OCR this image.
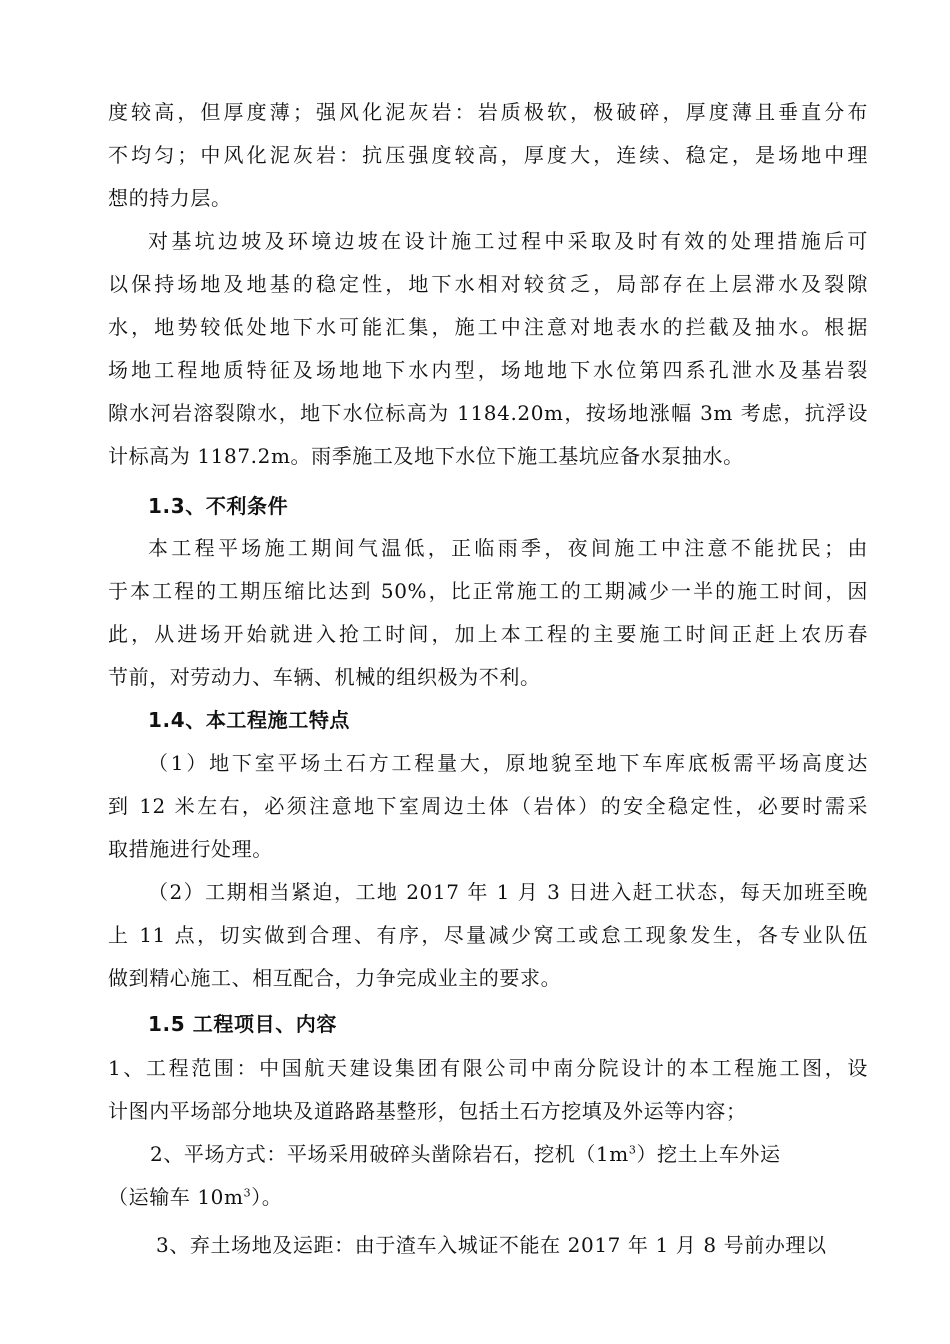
度较高，但厚度薄；强风化泥灰岩：岩质极软，极破碎，厚度薄且垂直分布
不均匀；中风化泥灰岩：抗压强度较高，厚度大，连续、稳定，是场地中理
想的持力层。
对基坑边坡及环境边坡在设计施工过程中采取及时有效的处理措施后可
以保持场地及地基的稳定性，地下水相对较贫乏，局部存在上层滞水及裂隙
水，地势较低处地下水可能汇集，施工中注意对地表水的拦截及抽水。根据
场地工程地质特征及场地地下水内型，场地地下水位第四系孔泄水及基岩裂
隙水河岩溶裂隙水，地下水位标高为 1184.20m，按场地涨幅 3m 考虑，抗浮设
计标高为 1187.2m。雨季施工及地下水位下施工基坑应备水泵抽水。
1.3、不利条件
本工程平场施工期间气温低，正临雨季，夜间施工中注意不能扰民；由
于本工程的工期压缩比达到 50%，比正常施工的工期减少一半的施工时间，因
此，从进场开始就进入抢工时间，加上本工程的主要施工时间正赶上农历春
节前，对劳动力、车辆、机械的组织极为不利。
1.4、本工程施工特点
（1）地下室平场土石方工程量大，原地貌至地下车库底板需平场高度达
到 12 米左右，必须注意地下室周边土体（岩体）的安全稳定性，必要时需采
取措施进行处理。
（2）工期相当紧迫，工地 2017 年 1 月 3 日进入赶工状态，每天加班至晚
上 11 点，切实做到合理、有序，尽量减少窝工或怠工现象发生，各专业队伍
做到精心施工、相互配合，力争完成业主的要求。
1.5 工程项目、内容
1、工程范围：中国航天建设集团有限公司中南分院设计的本工程施工图，设
计图内平场部分地块及道路路基整形，包括土石方挖填及外运等内容；
2、平场方式：平场采用破碎头凿除岩石，挖机$(1m^3)$挖土上车外运
（运输车 $10m^3$）。
3、弃土场地及运距：由于渣车入城证不能在 2017 年 1 月 8 号前办理以
